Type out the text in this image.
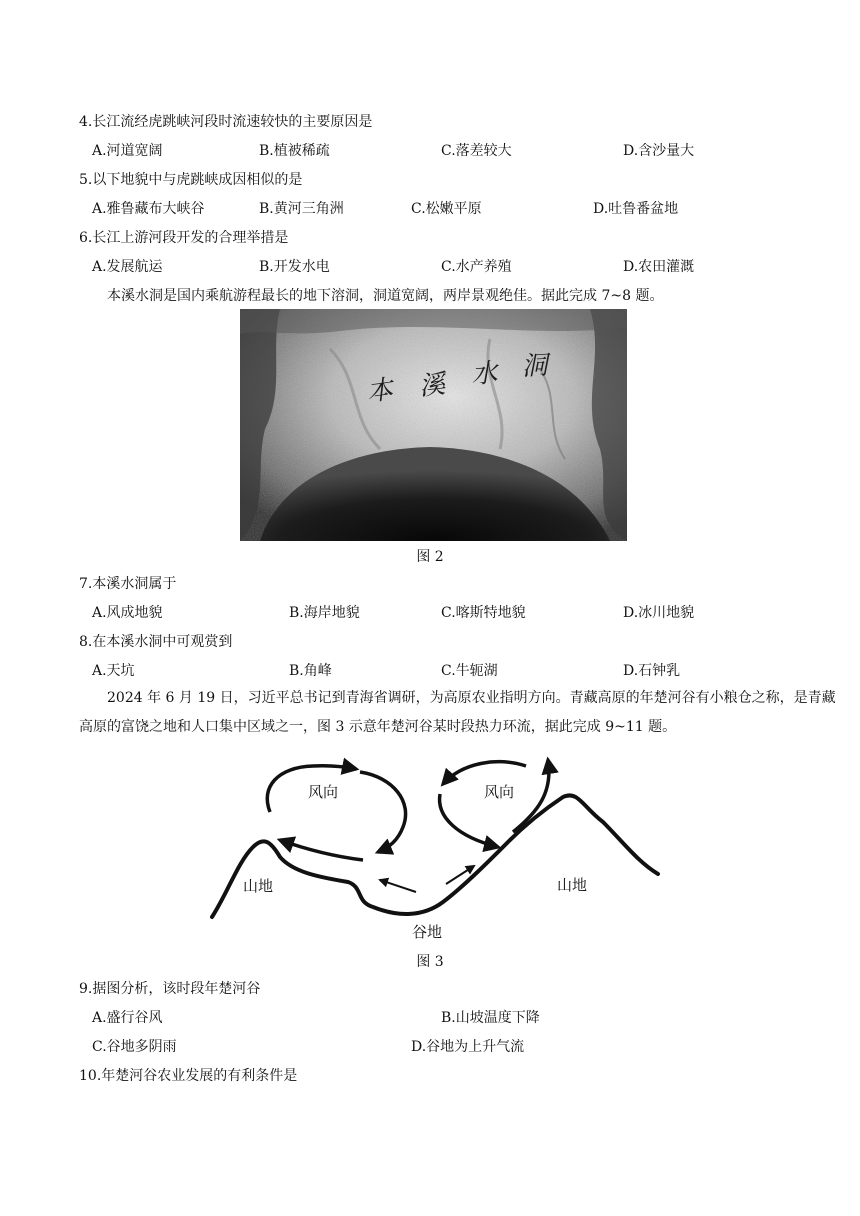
4.长江流经虎跳峡河段时流速较快的主要原因是
A.河道宽阔	B.植被稀疏	C.落差较大	D.含沙量大
5.以下地貌中与虎跳峡成因相似的是
A.雅鲁藏布大峡谷	B.黄河三角洲	C.松嫩平原	D.吐鲁番盆地
6.长江上游河段开发的合理举措是
A.发展航运	B.开发水电	C.水产养殖	D.农田灌溉
本溪水洞是国内乘航游程最长的地下溶洞，洞道宽阔，两岸景观绝佳。据此完成 7~8 题。
本 溪 水 洞
图 2
7.本溪水洞属于
A.风成地貌	B.海岸地貌	C.喀斯特地貌	D.冰川地貌
8.在本溪水洞中可观赏到
A.天坑	B.角峰	C.牛轭湖	D.石钟乳
2024 年 6 月 19 日，习近平总书记到青海省调研，为高原农业指明方向。青藏高原的年楚河谷有小粮仓之称，是青藏高原的富饶之地和人口集中区域之一，图 3 示意年楚河谷某时段热力环流，据此完成 9~11 题。
风向	风向
山地	山地
谷地
图 3
9.据图分析，该时段年楚河谷
A.盛行谷风	B.山坡温度下降
C.谷地多阴雨	D.谷地为上升气流
10.年楚河谷农业发展的有利条件是
